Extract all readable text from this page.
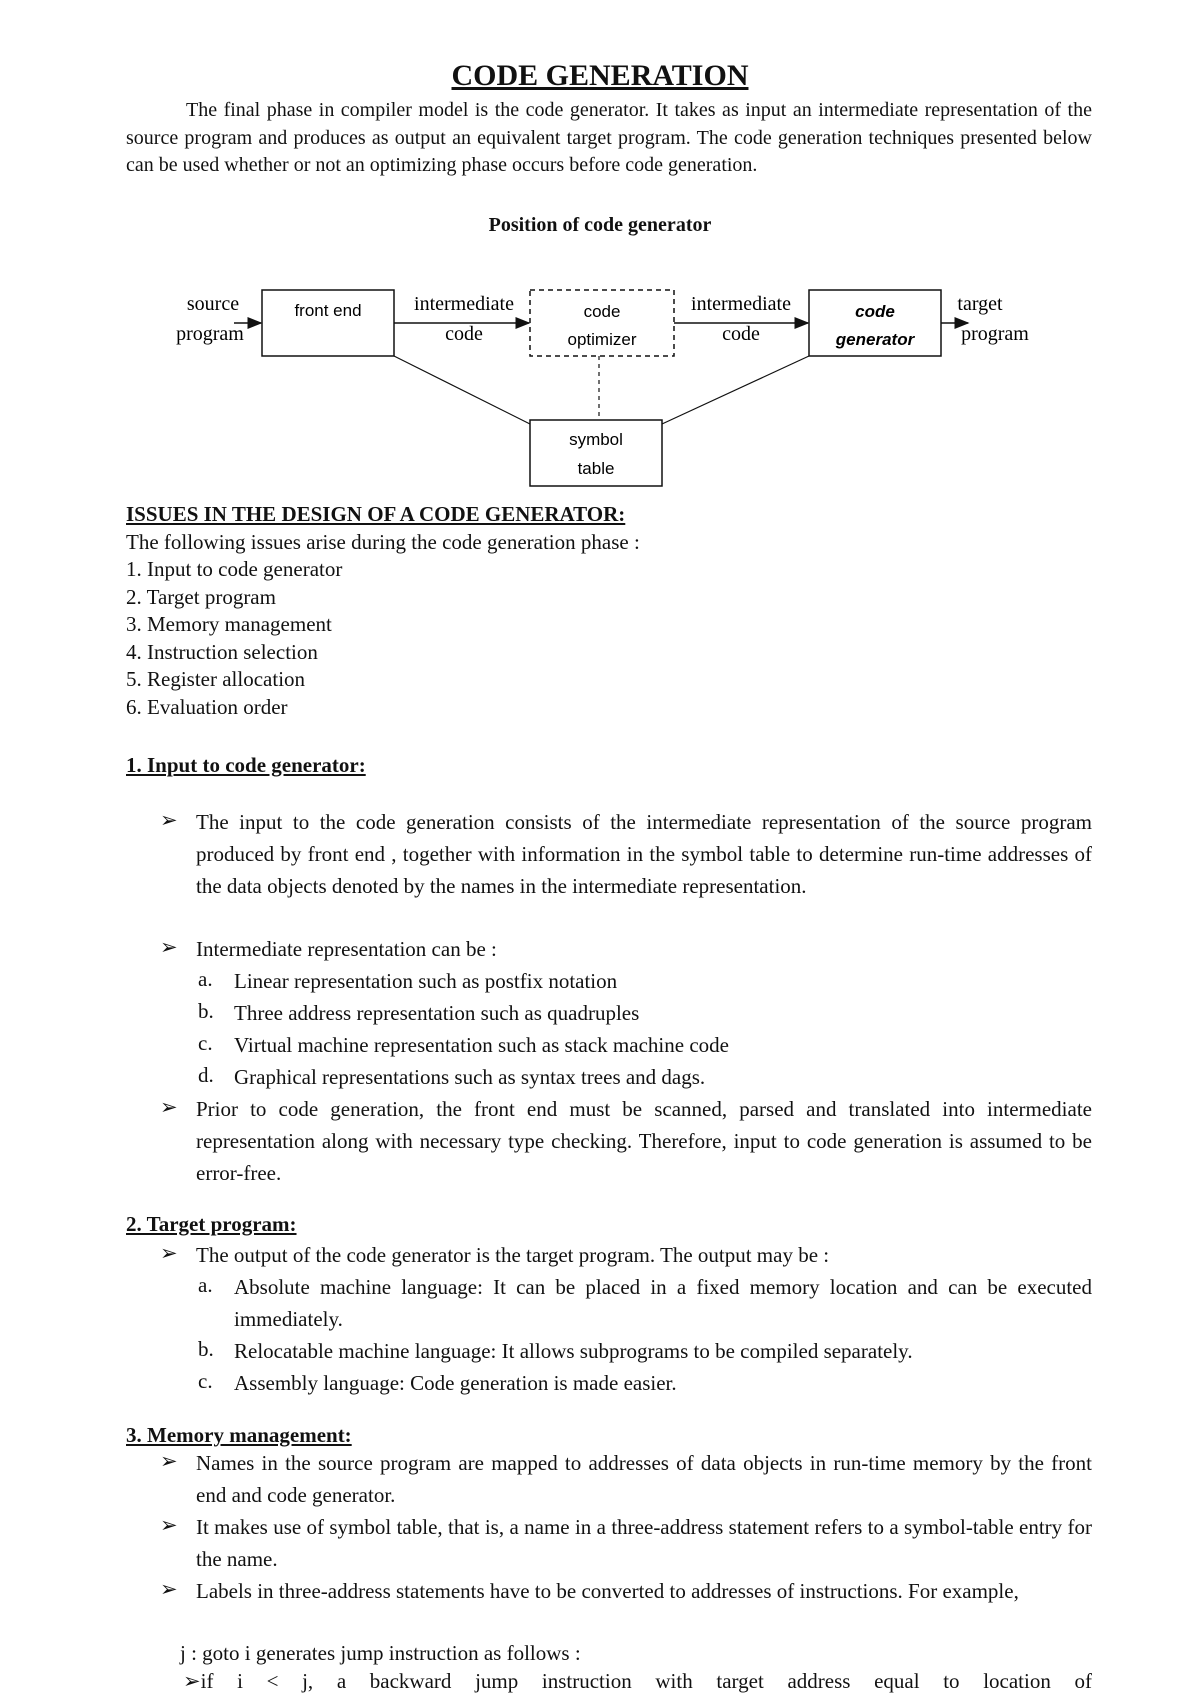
CODE GENERATION
The final phase in compiler model is the code generator. It takes as input an intermediate representation of the source program and produces as output an equivalent target program. The code generation techniques presented below can be used whether or not an optimizing phase occurs before code generation.
Position of code generator
source
program
front end	intermediate
code
code
optimizer
intermediate
code
code
generator
target
program
symbol
table
ISSUES IN THE DESIGN OF A CODE GENERATOR:
The following issues arise during the code generation phase :
1. Input to code generator
2. Target program
3. Memory management
4. Instruction selection
5. Register allocation
6. Evaluation order
1. Input to code generator:
➢ The input to the code generation consists of the intermediate representation of the source program produced by front end , together with information in the symbol table to determine run-time addresses of the data objects denoted by the names in the intermediate representation.
➢ Intermediate representation can be :
a. Linear representation such as postfix notation
b. Three address representation such as quadruples
c. Virtual machine representation such as stack machine code
d. Graphical representations such as syntax trees and dags.
➢ Prior to code generation, the front end must be scanned, parsed and translated into intermediate representation along with necessary type checking. Therefore, input to code generation is assumed to be error-free.
2. Target program:
➢ The output of the code generator is the target program. The output may be :
a. Absolute machine language: It can be placed in a fixed memory location and can be executed immediately.
b. Relocatable machine language: It allows subprograms to be compiled separately.
c. Assembly language: Code generation is made easier.
3. Memory management:
➢ Names in the source program are mapped to addresses of data objects in run-time memory by the front end and code generator.
➢ It makes use of symbol table, that is, a name in a three-address statement refers to a symbol-table entry for the name.
➢ Labels in three-address statements have to be converted to addresses of instructions. For example,
j : goto i generates jump instruction as follows :
➢if i < j, a backward jump instruction with target address equal to location of
